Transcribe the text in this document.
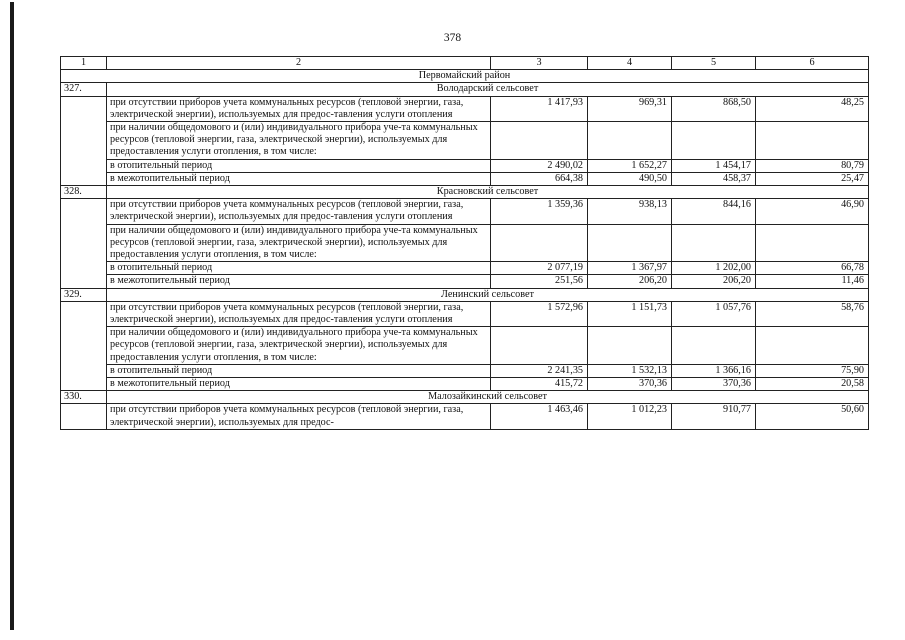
378
1	2	3	4	5	6
Первомайский район					
327.	Володарский сельсовет				
	при отсутствии приборов учета коммунальных ресурсов (тепловой энергии, газа, электрической энергии), используемых для предос-тавления услуги отопления	1 417,93	969,31	868,50	48,25
	при наличии общедомового и (или) индивидуального прибора уче-та коммунальных ресурсов (тепловой энергии, газа, электрической энергии), используемых для предоставления услуги отопления, в том числе:				
	в отопительный период	2 490,02	1 652,27	1 454,17	80,79
	в межотопительный период	664,38	490,50	458,37	25,47
328.	Красновский сельсовет				
	при отсутствии приборов учета коммунальных ресурсов (тепловой энергии, газа, электрической энергии), используемых для предос-тавления услуги отопления	1 359,36	938,13	844,16	46,90
	при наличии общедомового и (или) индивидуального прибора уче-та коммунальных ресурсов (тепловой энергии, газа, электрической энергии), используемых для предоставления услуги отопления, в том числе:				
	в отопительный период	2 077,19	1 367,97	1 202,00	66,78
	в межотопительный период	251,56	206,20	206,20	11,46
329.	Ленинский сельсовет				
	при отсутствии приборов учета коммунальных ресурсов (тепловой энергии, газа, электрической энергии), используемых для предос-тавления услуги отопления	1 572,96	1 151,73	1 057,76	58,76
	при наличии общедомового и (или) индивидуального прибора уче-та коммунальных ресурсов (тепловой энергии, газа, электрической энергии), используемых для предоставления услуги отопления, в том числе:				
	в отопительный период	2 241,35	1 532,13	1 366,16	75,90
	в межотопительный период	415,72	370,36	370,36	20,58
330.	Малозайкинский сельсовет				
	при отсутствии приборов учета коммунальных ресурсов (тепловой энергии, газа, электрической энергии), используемых для предос-	1 463,46	1 012,23	910,77	50,60
